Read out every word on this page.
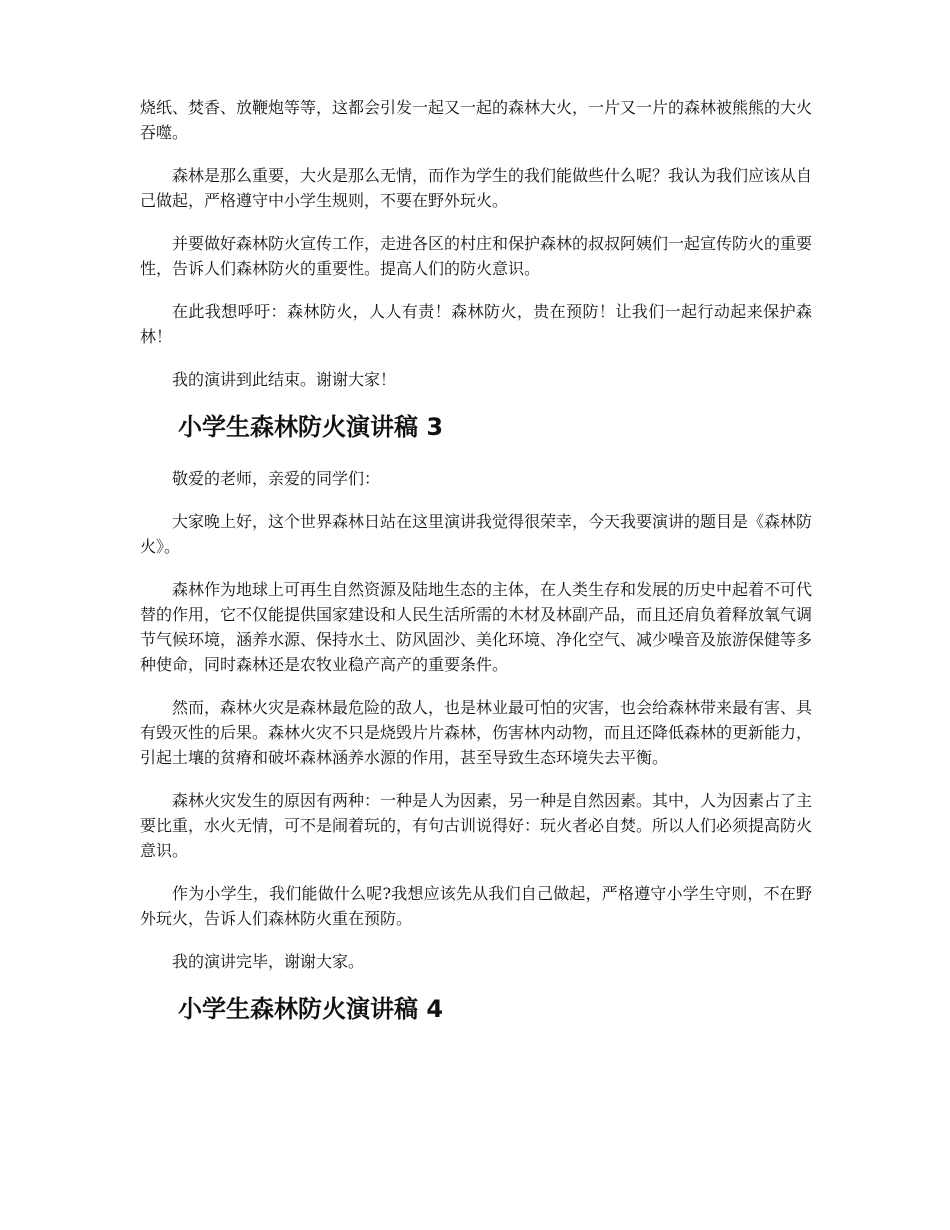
烧纸、焚香、放鞭炮等等，这都会引发一起又一起的森林大火，一片又一片的森林被熊熊的大火吞噬。

森林是那么重要，大火是那么无情，而作为学生的我们能做些什么呢？我认为我们应该从自己做起，严格遵守中小学生规则，不要在野外玩火。

并要做好森林防火宣传工作，走进各区的村庄和保护森林的叔叔阿姨们一起宣传防火的重要性，告诉人们森林防火的重要性。提高人们的防火意识。

在此我想呼吁：森林防火，人人有责！森林防火，贵在预防！让我们一起行动起来保护森林！

我的演讲到此结束。谢谢大家！

小学生森林防火演讲稿 3

敬爱的老师，亲爱的同学们：

大家晚上好，这个世界森林日站在这里演讲我觉得很荣幸，今天我要演讲的题目是《森林防火》。

森林作为地球上可再生自然资源及陆地生态的主体，在人类生存和发展的历史中起着不可代替的作用，它不仅能提供国家建设和人民生活所需的木材及林副产品，而且还肩负着释放氧气调节气候环境，涵养水源、保持水土、防风固沙、美化环境、净化空气、减少噪音及旅游保健等多种使命，同时森林还是农牧业稳产高产的重要条件。

然而，森林火灾是森林最危险的敌人，也是林业最可怕的灾害，也会给森林带来最有害、具有毁灭性的后果。森林火灾不只是烧毁片片森林，伤害林内动物，而且还降低森林的更新能力，引起土壤的贫瘠和破坏森林涵养水源的作用，甚至导致生态环境失去平衡。

森林火灾发生的原因有两种：一种是人为因素，另一种是自然因素。其中，人为因素占了主要比重，水火无情，可不是闹着玩的，有句古训说得好：玩火者必自焚。所以人们必须提高防火意识。

作为小学生，我们能做什么呢?我想应该先从我们自己做起，严格遵守小学生守则，不在野外玩火，告诉人们森林防火重在预防。

我的演讲完毕，谢谢大家。

小学生森林防火演讲稿 4
